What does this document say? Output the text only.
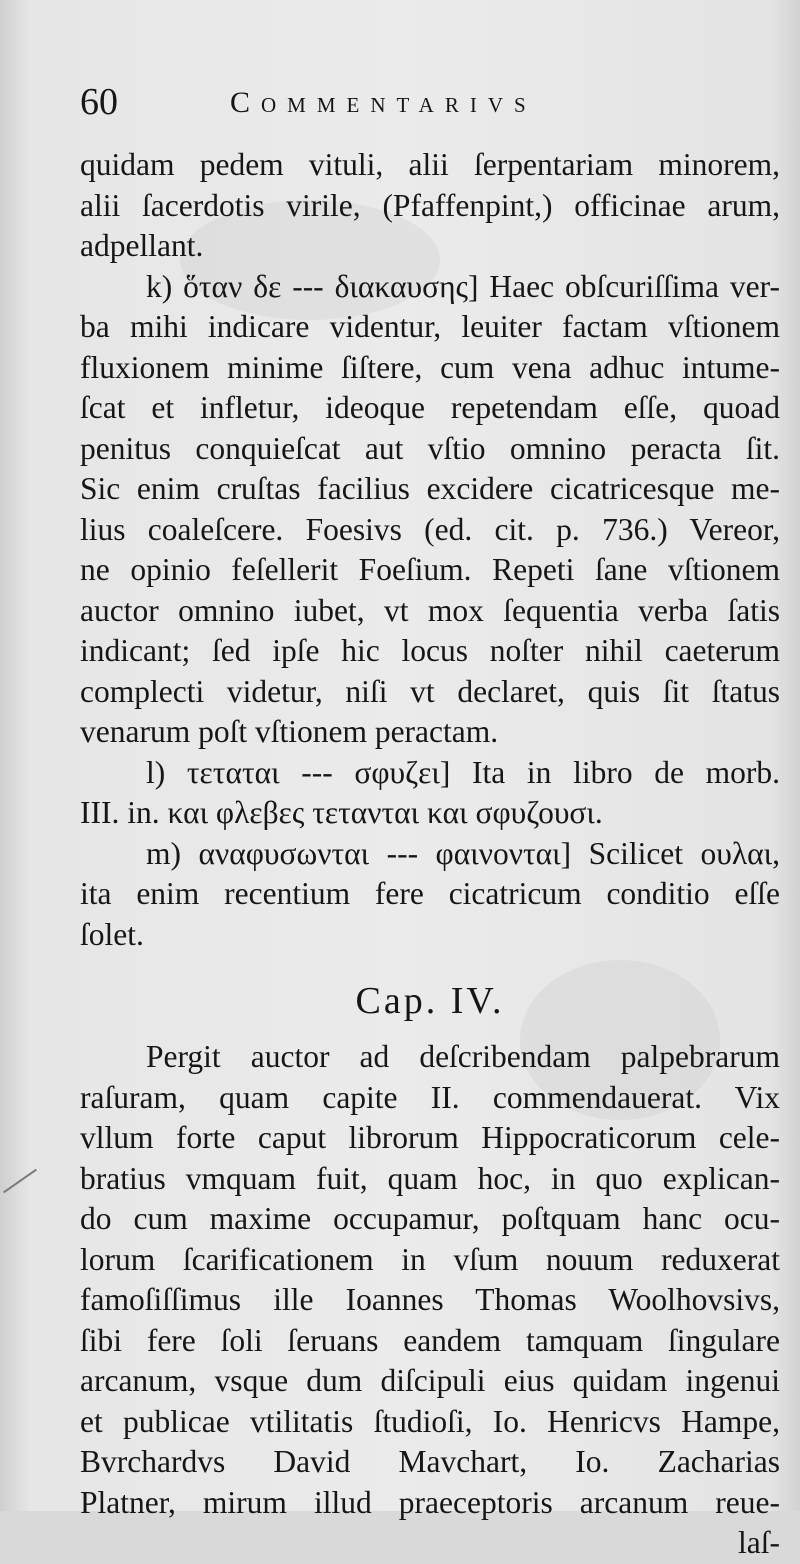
60	Commentarivs
quidam pedem vituli, alii ſerpentariam minorem,
alii ſacerdotis virile, (Pfaffenpint,) officinae arum,
adpellant.
k) ὅταν δε --- διακαυσης] Haec obſcuriſſima ver-
ba mihi indicare videntur, leuiter factam vſtionem
fluxionem minime ſiſtere, cum vena adhuc intume-
ſcat et infletur, ideoque repetendam eſſe, quoad
penitus conquieſcat aut vſtio omnino peracta ſit.
Sic enim cruſtas facilius excidere cicatricesque me-
lius coaleſcere. Foesivs (ed. cit. p. 736.) Vereor,
ne opinio feſellerit Foeſium. Repeti ſane vſtionem
auctor omnino iubet, vt mox ſequentia verba ſatis
indicant; ſed ipſe hic locus noſter nihil caeterum
complecti videtur, niſi vt declaret, quis ſit ſtatus
venarum poſt vſtionem peractam.
l) τεταται --- σφυζει] Ita in libro de morb.
III. in. και φλεβες τετανται και σφυζουσι.
m) αναφυσωνται --- φαινονται] Scilicet ουλαι,
ita enim recentium fere cicatricum conditio eſſe
ſolet.
Cap. IV.
Pergit auctor ad deſcribendam palpebrarum
raſuram, quam capite II. commendauerat. Vix
vllum forte caput librorum Hippocraticorum cele-
bratius vmquam fuit, quam hoc, in quo explican-
do cum maxime occupamur, poſtquam hanc ocu-
lorum ſcarificationem in vſum nouum reduxerat
famoſiſſimus ille Ioannes Thomas Woolhovsivs,
ſibi fere ſoli ſeruans eandem tamquam ſingulare
arcanum, vsque dum diſcipuli eius quidam ingenui
et publicae vtilitatis ſtudioſi, Io. Henricvs Hampe,
Bvrchardvs David Mavchart, Io. Zacharias
Platner, mirum illud praeceptoris arcanum reue-
laſ-
